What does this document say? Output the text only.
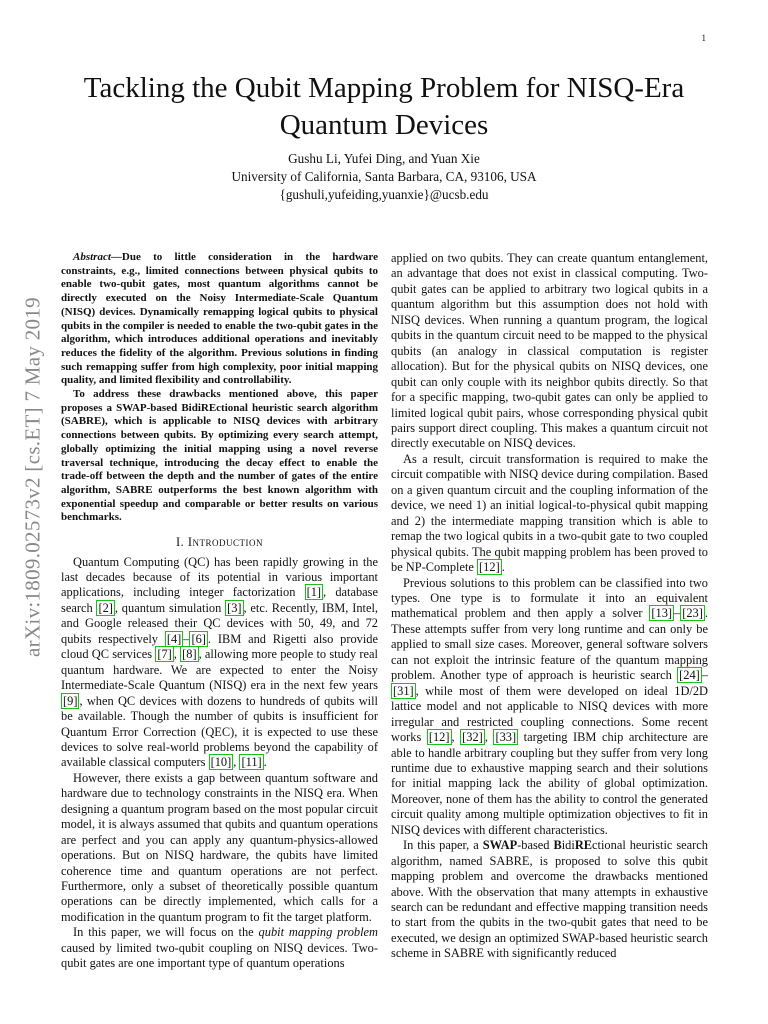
1
arXiv:1809.02573v2 [cs.ET] 7 May 2019
Tackling the Qubit Mapping Problem for NISQ-Era
Quantum Devices
Gushu Li, Yufei Ding, and Yuan Xie
University of California, Santa Barbara, CA, 93106, USA
{gushuli,yufeiding,yuanxie}@ucsb.edu

Abstract—Due to little consideration in the hardware constraints, e.g., limited connections between physical qubits to enable two-qubit gates, most quantum algorithms cannot be directly executed on the Noisy Intermediate-Scale Quantum (NISQ) devices. Dynamically remapping logical qubits to physical qubits in the compiler is needed to enable the two-qubit gates in the algorithm, which introduces additional operations and inevitably reduces the fidelity of the algorithm. Previous solutions in finding such remapping suffer from high complexity, poor initial mapping quality, and limited flexibility and controllability.

To address these drawbacks mentioned above, this paper proposes a SWAP-based BidiREctional heuristic search algorithm (SABRE), which is applicable to NISQ devices with arbitrary connections between qubits. By optimizing every search attempt, globally optimizing the initial mapping using a novel reverse traversal technique, introducing the decay effect to enable the trade-off between the depth and the number of gates of the entire algorithm, SABRE outperforms the best known algorithm with exponential speedup and comparable or better results on various benchmarks.

I. Introduction

Quantum Computing (QC) has been rapidly growing in the last decades because of its potential in various important applications, including integer factorization [1] , database search [2] , quantum simulation [3] , etc. Recently, IBM, Intel, and Google released their QC devices with 50, 49, and 72 qubits respectively [4] – [6] . IBM and Rigetti also provide cloud QC services [7] , [8] , allowing more people to study real quantum hardware. We are expected to enter the Noisy Intermediate-Scale Quantum (NISQ) era in the next few years [9] , when QC devices with dozens to hundreds of qubits will be available. Though the number of qubits is insufficient for Quantum Error Correction (QEC), it is expected to use these devices to solve real-world problems beyond the capability of available classical computers [10] , [11] .

However, there exists a gap between quantum software and hardware due to technology constraints in the NISQ era. When designing a quantum program based on the most popular circuit model, it is always assumed that qubits and quantum operations are perfect and you can apply any quantum-physics-allowed operations. But on NISQ hardware, the qubits have limited coherence time and quantum operations are not perfect. Furthermore, only a subset of theoretically possible quantum operations can be directly implemented, which calls for a modification in the quantum program to fit the target platform.

In this paper, we will focus on the qubit mapping problem caused by limited two-qubit coupling on NISQ devices. Two-qubit gates are one important type of quantum operations

applied on two qubits. They can create quantum entanglement, an advantage that does not exist in classical computing. Two-qubit gates can be applied to arbitrary two logical qubits in a quantum algorithm but this assumption does not hold with NISQ devices. When running a quantum program, the logical qubits in the quantum circuit need to be mapped to the physical qubits (an analogy in classical computation is register allocation). But for the physical qubits on NISQ devices, one qubit can only couple with its neighbor qubits directly. So that for a specific mapping, two-qubit gates can only be applied to limited logical qubit pairs, whose corresponding physical qubit pairs support direct coupling. This makes a quantum circuit not directly executable on NISQ devices.

As a result, circuit transformation is required to make the circuit compatible with NISQ device during compilation. Based on a given quantum circuit and the coupling information of the device, we need 1) an initial logical-to-physical qubit mapping and 2) the intermediate mapping transition which is able to remap the two logical qubits in a two-qubit gate to two coupled physical qubits. The qubit mapping problem has been proved to be NP-Complete [12] .

Previous solutions to this problem can be classified into two types. One type is to formulate it into an equivalent mathematical problem and then apply a solver [13] – [23] . These attempts suffer from very long runtime and can only be applied to small size cases. Moreover, general software solvers can not exploit the intrinsic feature of the quantum mapping problem. Another type of approach is heuristic search [24] –[31] , while most of them were developed on ideal 1D/2D lattice model and not applicable to NISQ devices with more irregular and restricted coupling connections. Some recent works [12] , [32] , [33] targeting IBM chip architecture are able to handle arbitrary coupling but they suffer from very long runtime due to exhaustive mapping search and their solutions for initial mapping lack the ability of global optimization. Moreover, none of them has the ability to control the generated circuit quality among multiple optimization objectives to fit in NISQ devices with different characteristics.

In this paper, a SWAP-based BidiREctional heuristic search algorithm, named SABRE, is proposed to solve this qubit mapping problem and overcome the drawbacks mentioned above. With the observation that many attempts in exhaustive search can be redundant and effective mapping transition needs to start from the qubits in the two-qubit gates that need to be executed, we design an optimized SWAP-based heuristic search scheme in SABRE with significantly reduced
